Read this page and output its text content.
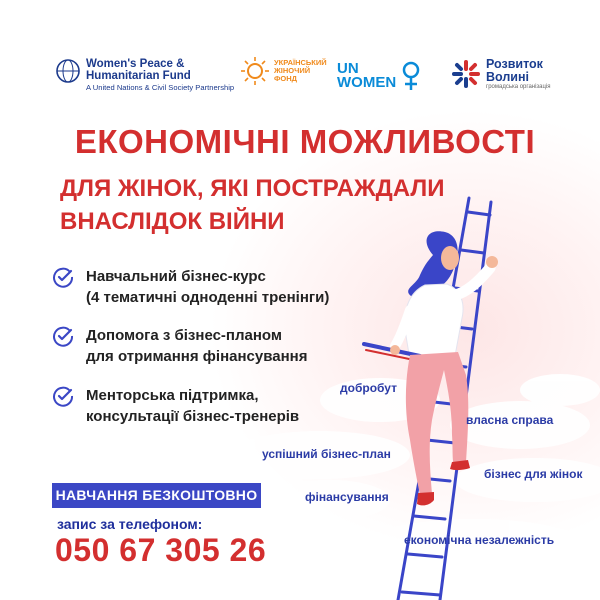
Women's Peace &
Humanitarian Fund
A United Nations & Civil Society Partnership
УКРАЇНСЬКИЙ
ЖІНОЧИЙ
ФОНД
UN
WOMEN
Розвиток
Волині
громадська організація
ЕКОНОМІЧНІ МОЖЛИВОСТІ
ДЛЯ ЖІНОК, ЯКІ ПОСТРАЖДАЛИ
ВНАСЛІДОК ВІЙНИ
Навчальний бізнес-курс
(4 тематичні одноденні тренінги)
Допомога з бізнес-планом
для отримання фінансування
Менторська підтримка,
консультації бізнес-тренерів
добробут
власна справа
успішний бізнес-план
бізнес для жінок
фінансування
економічна незалежність
НАВЧАННЯ БЕЗКОШТОВНО
запис за телефоном:
050 67 305 26
